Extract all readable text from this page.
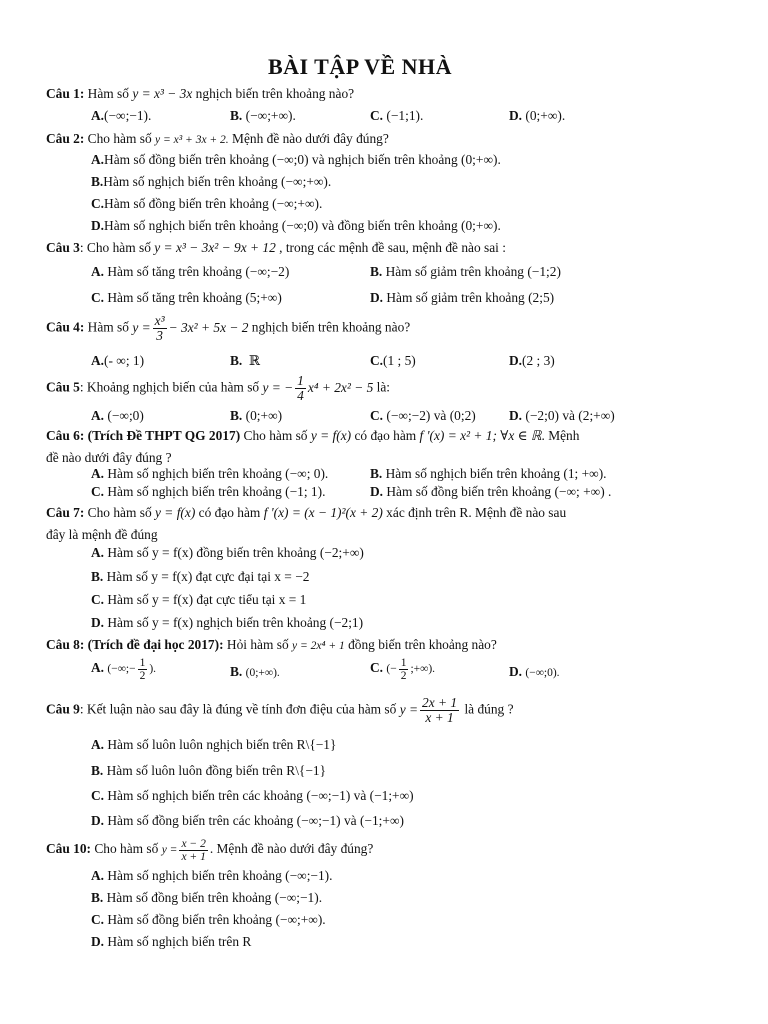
BÀI TẬP VỀ NHÀ
Câu 1: Hàm số y = x³ − 3x nghịch biến trên khoảng nào?
A.(−∞;−1).	B. (−∞;+∞).	C. (−1;1).	D. (0;+∞).
Câu 2: Cho hàm số y = x³ + 3x + 2. Mệnh đề nào dưới đây đúng?
A.Hàm số đồng biến trên khoảng (−∞;0) và nghịch biến trên khoảng (0;+∞).
B.Hàm số nghịch biến trên khoảng (−∞;+∞).
C.Hàm số đồng biến trên khoảng (−∞;+∞).
D.Hàm số nghịch biến trên khoảng (−∞;0) và đồng biến trên khoảng (0;+∞).
Câu 3: Cho hàm số y = x³ − 3x² − 9x + 12 , trong các mệnh đề sau, mệnh đề nào sai :
A. Hàm số tăng trên khoảng (−∞;−2)	B. Hàm số giảm trên khoảng (−1;2)
C. Hàm số tăng trên khoảng (5;+∞)	D. Hàm số giảm trên khoảng (2;5)
Câu 4: Hàm số $y = \frac{\text{x³}}{3} - 3x^2 + 5x - 2$ nghịch biến trên khoảng nào?
A.(- ∞; 1)	B. ℝ	C.(1 ; 5)	D.(2 ; 3)
Câu 5: Khoảng nghịch biến của hàm số y = − $\frac{1}{4} x^4 + 2x^2 - 5$ là:
A. (−∞;0)	B. (0;+∞)	C. (−∞;−2) và (0;2) D. (−2;0) và (2;+∞)
Câu 6: (Trích Đề THPT QG 2017) Cho hàm số y = f(x) có đạo hàm f '(x) = x² + 1; ∀x ∈ ℝ. Mệnh
đề nào dưới đây đúng ?
A. Hàm số nghịch biến trên khoảng (−∞; 0).	B. Hàm số nghịch biến trên khoảng (1; +∞).
C. Hàm số nghịch biến trên khoảng (−1; 1).	D. Hàm số đồng biến trên khoảng (−∞; +∞) .
Câu 7: Cho hàm số y = f(x) có đạo hàm f '(x) = (x − 1)²(x + 2) xác định trên R. Mệnh đề nào sau
đây là mệnh đề đúng
A. Hàm số y = f(x) đồng biến trên khoảng (−2;+∞)
B. Hàm số y = f(x) đạt cực đại tại x = −2
C. Hàm số y = f(x) đạt cực tiểu tại x = 1
D. Hàm số y = f(x) nghịch biến trên khoảng (−2;1)
Câu 8: (Trích đề đại học 2017): Hỏi hàm số y = 2x⁴ + 1 đồng biến trên khoảng nào?
A. (−∞;− $\frac{1}{2}$ ).	B. (0;+∞).	C. (− $\frac{1}{2}$ ;+∞).	D. (−∞;0).
Câu 9: Kết luận nào sau đây là đúng về tính đơn điệu của hàm số $y = \frac{2x + 1}{x + 1}$ là đúng ?
A. Hàm số luôn luôn nghịch biến trên R\{−1}
B. Hàm số luôn luôn đồng biến trên R\{−1}
C. Hàm số nghịch biến trên các khoảng (−∞;−1) và (−1;+∞)
D. Hàm số đồng biến trên các khoảng (−∞;−1) và (−1;+∞)
Câu 10: Cho hàm số $y = \frac{x - 2}{x + 1}$ . Mệnh đề nào dưới đây đúng?
A. Hàm số nghịch biến trên khoảng (−∞;−1).
B. Hàm số đồng biến trên khoảng (−∞;−1).
C. Hàm số đồng biến trên khoảng (−∞;+∞).
D. Hàm số nghịch biến trên R
